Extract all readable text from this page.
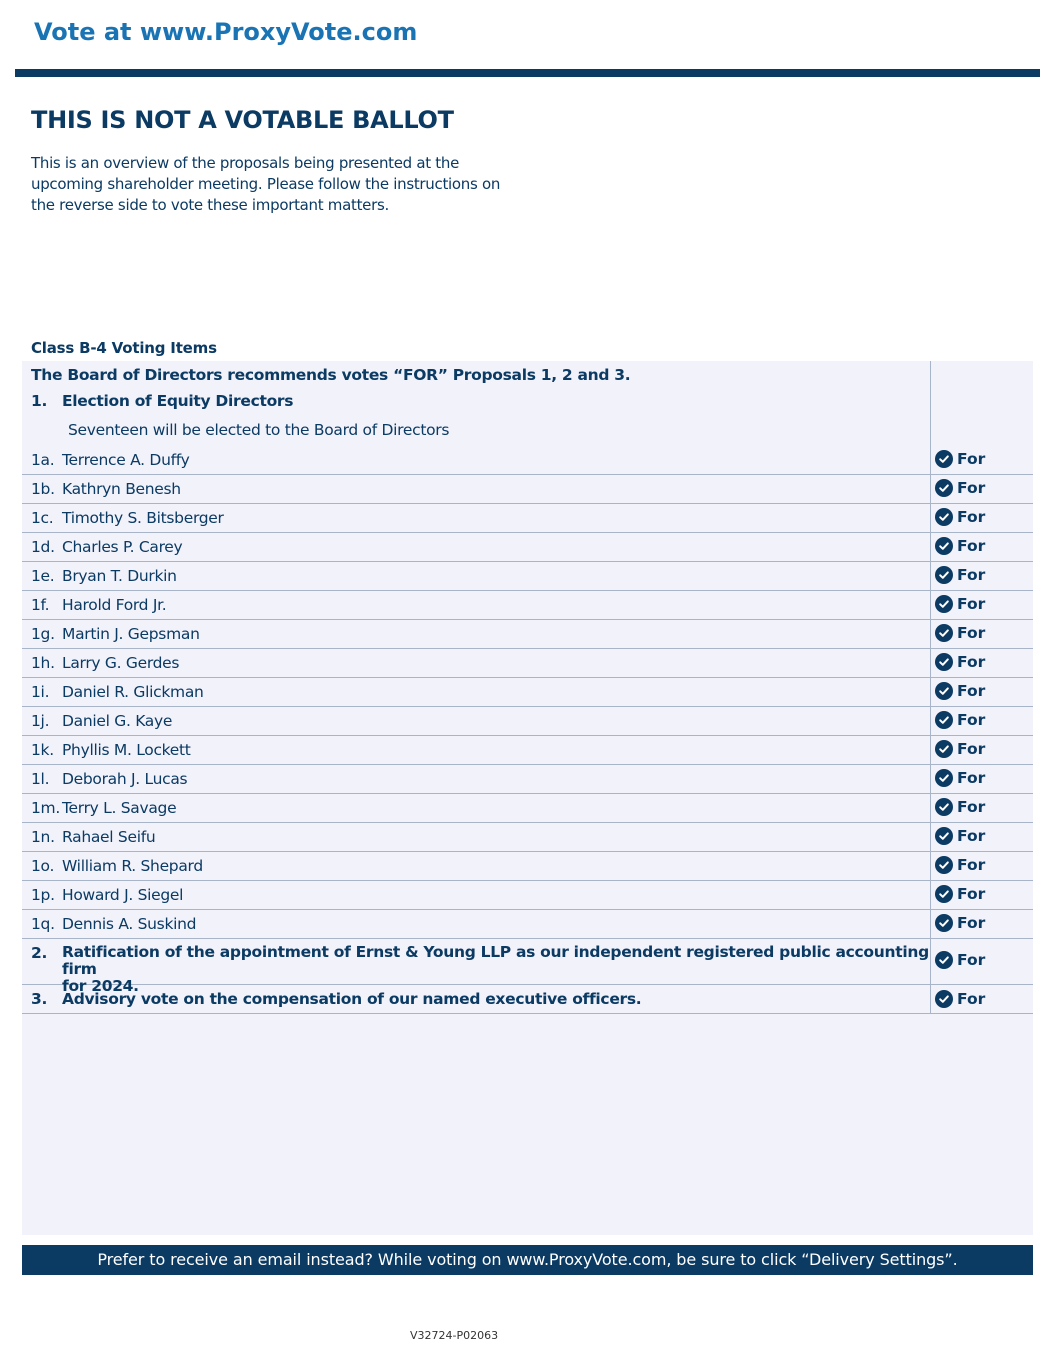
Vote at www.ProxyVote.com
THIS IS NOT A VOTABLE BALLOT
This is an overview of the proposals being presented at the
upcoming shareholder meeting. Please follow the instructions on
the reverse side to vote these important matters.
Class B-4 Voting Items
The Board of Directors recommends votes “FOR” Proposals 1, 2 and 3.
1. Election of Equity Directors
Seventeen will be elected to the Board of Directors
1a. Terrence A. Duffy	For
1b. Kathryn Benesh	For
1c. Timothy S. Bitsberger	For
1d. Charles P. Carey	For
1e. Bryan T. Durkin	For
1f. Harold Ford Jr.	For
1g. Martin J. Gepsman	For
1h. Larry G. Gerdes	For
1i. Daniel R. Glickman	For
1j. Daniel G. Kaye	For
1k. Phyllis M. Lockett	For
1l. Deborah J. Lucas	For
1m. Terry L. Savage	For
1n. Rahael Seifu	For
1o. William R. Shepard	For
1p. Howard J. Siegel	For
1q. Dennis A. Suskind	For
2. Ratification of the appointment of Ernst & Young LLP as our independent registered public accounting firm
for 2024.
For
3. Advisory vote on the compensation of our named executive officers.	For
Prefer to receive an email instead? While voting on www.ProxyVote.com, be sure to click “Delivery Settings”.
V32724-P02063
